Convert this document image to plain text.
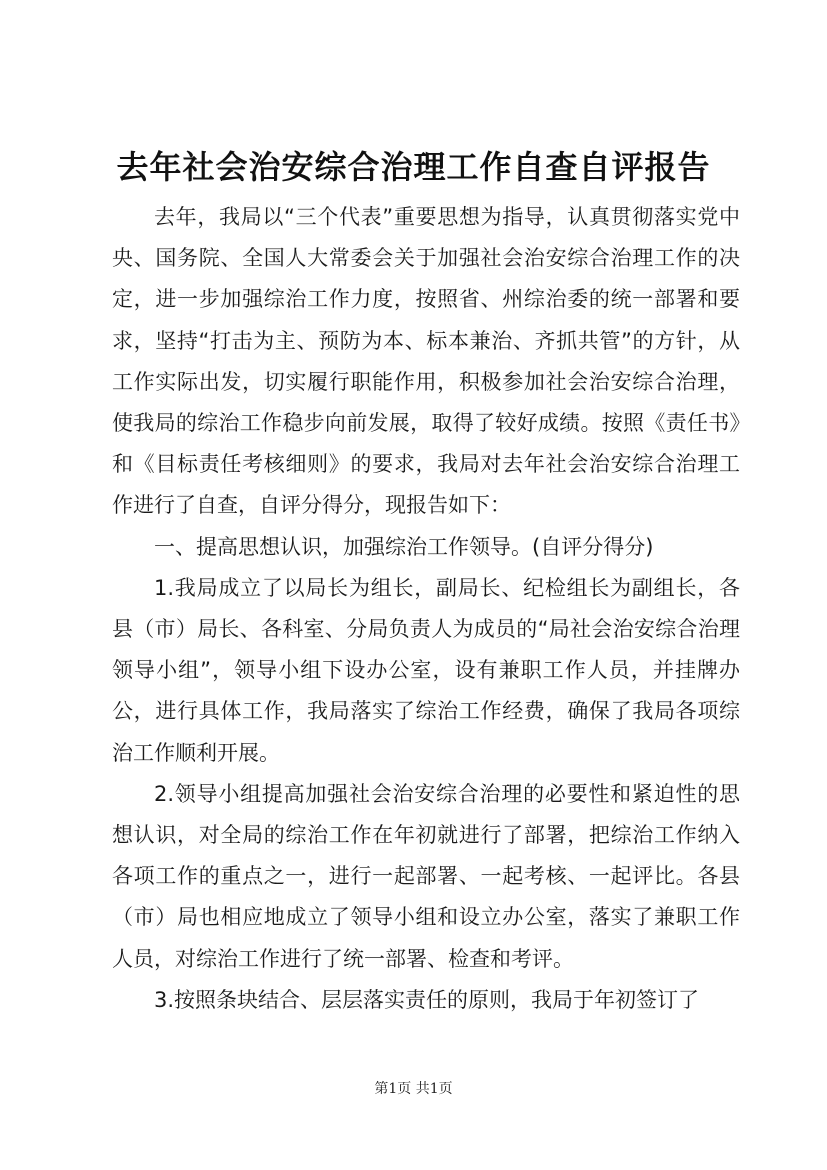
去年社会治安综合治理工作自查自评报告

去年，我局以“三个代表”重要思想为指导，认真贯彻落实党中央、国务院、全国人大常委会关于加强社会治安综合治理工作的决定，进一步加强综治工作力度，按照省、州综治委的统一部署和要求，坚持“打击为主、预防为本、标本兼治、齐抓共管”的方针，从工作实际出发，切实履行职能作用，积极参加社会治安综合治理，使我局的综治工作稳步向前发展，取得了较好成绩。按照《责任书》和《目标责任考核细则》的要求，我局对去年社会治安综合治理工作进行了自查，自评分得分，现报告如下：

一、提高思想认识，加强综治工作领导。(自评分得分)

1.我局成立了以局长为组长，副局长、纪检组长为副组长，各县（市）局长、各科室、分局负责人为成员的“局社会治安综合治理领导小组”，领导小组下设办公室，设有兼职工作人员，并挂牌办公，进行具体工作，我局落实了综治工作经费，确保了我局各项综治工作顺利开展。

2.领导小组提高加强社会治安综合治理的必要性和紧迫性的思想认识，对全局的综治工作在年初就进行了部署，把综治工作纳入各项工作的重点之一，进行一起部署、一起考核、一起评比。各县（市）局也相应地成立了领导小组和设立办公室，落实了兼职工作人员，对综治工作进行了统一部署、检查和考评。

3.按照条块结合、层层落实责任的原则，我局于年初签订了

第1页 共1页
